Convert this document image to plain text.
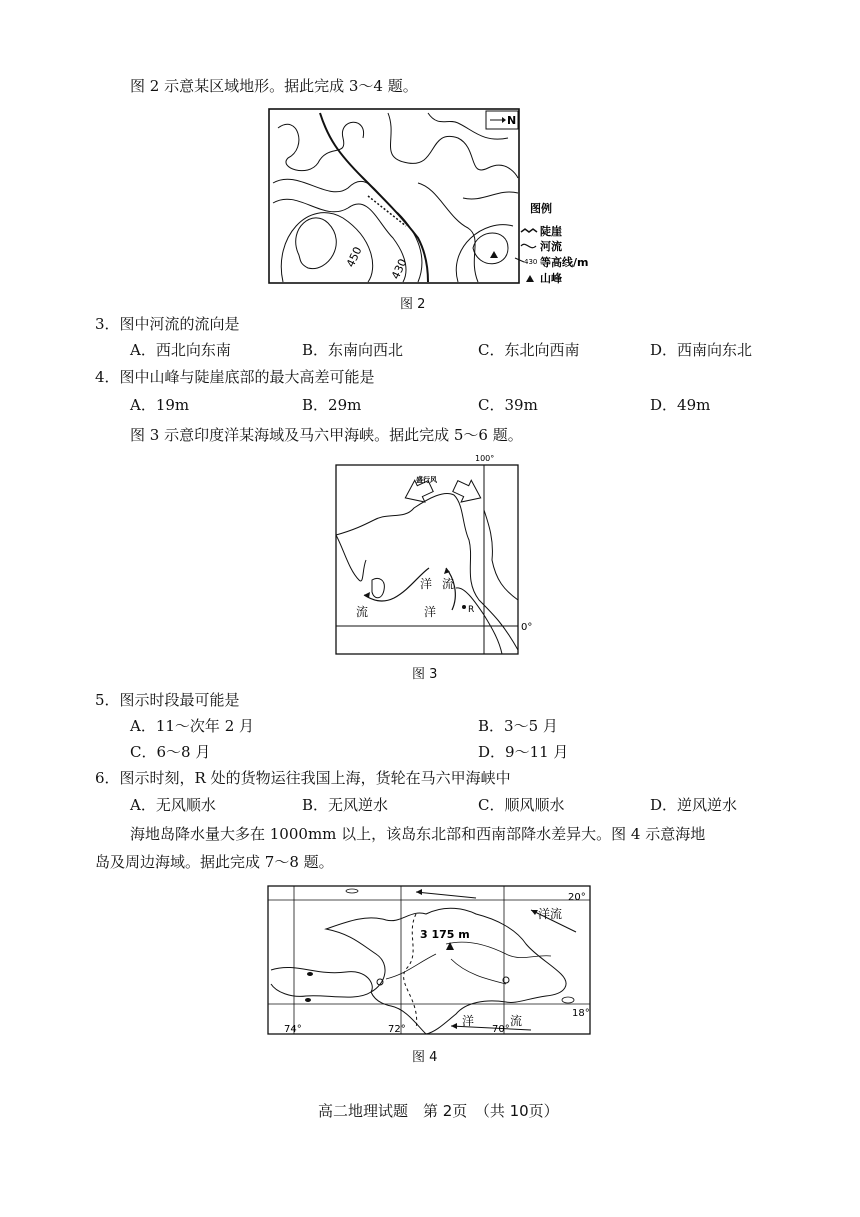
图 2 示意某区域地形。据此完成 3～4 题。
N
450 430
图例
陡崖
河流
430 等高线/m
山峰
图 2
3．图中河流的流向是
A．西北向东南	B．东南向西北	C．东北向西南	D．西南向东北
4．图中山峰与陡崖底部的最大高差可能是
A．19m	B．29m	C．39m	D．49m
图 3 示意印度洋某海域及马六甲海峡。据此完成 5～6 题。
100°
0°
盛行风
洋
流	洋
流
R
图 3
5．图示时段最可能是
A．11～次年 2 月	B．3～5 月
C．6～8 月	D．9～11 月
6．图示时刻，R 处的货物运往我国上海，货轮在马六甲海峡中
A．无风顺水	B．无风逆水	C．顺风顺水	D．逆风逆水
海地岛降水量大多在 1000mm 以上，该岛东北部和西南部降水差异大。图 4 示意海地
岛及周边海域。据此完成 7～8 题。
3 175 m
洋流
洋	流
20°
18°
74°	72°	70°
图 4
高二地理试题　第 2页　（共 10页）
